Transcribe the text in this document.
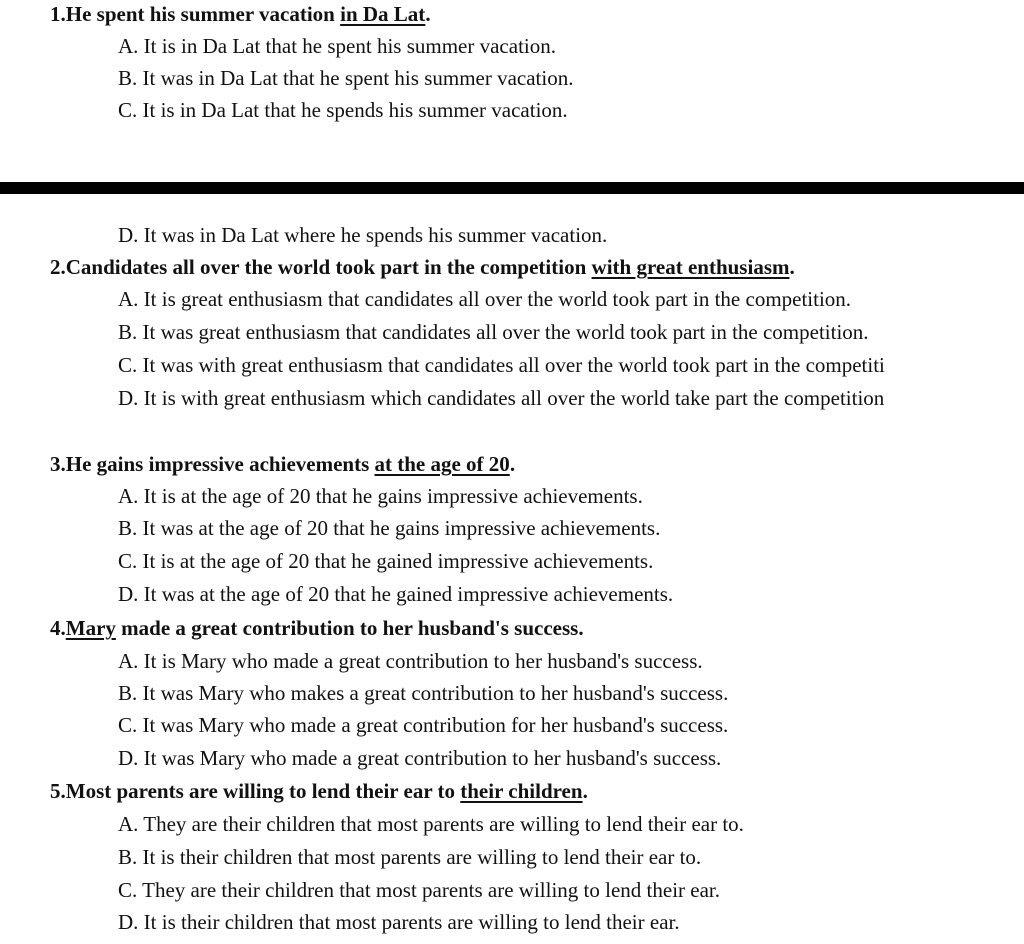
1.He spent his summer vacation in Da Lat.
A. It is in Da Lat that he spent his summer vacation.
B. It was in Da Lat that he spent his summer vacation.
C. It is in Da Lat that he spends his summer vacation.
D. It was in Da Lat where he spends his summer vacation.
2.Candidates all over the world took part in the competition with great enthusiasm.
A. It is great enthusiasm that candidates all over the world took part in the competition.
B. It was great enthusiasm that candidates all over the world took part in the competition.
C. It was with great enthusiasm that candidates all over the world took part in the competiti
D. It is with great enthusiasm which candidates all over the world take part the competition
3.He gains impressive achievements at the age of 20.
A. It is at the age of 20 that he gains impressive achievements.
B. It was at the age of 20 that he gains impressive achievements.
C. It is at the age of 20 that he gained impressive achievements.
D. It was at the age of 20 that he gained impressive achievements.
4.Mary made a great contribution to her husband's success.
A. It is Mary who made a great contribution to her husband's success.
B. It was Mary who makes a great contribution to her husband's success.
C. It was Mary who made a great contribution for her husband's success.
D. It was Mary who made a great contribution to her husband's success.
5.Most parents are willing to lend their ear to their children.
A. They are their children that most parents are willing to lend their ear to.
B. It is their children that most parents are willing to lend their ear to.
C. They are their children that most parents are willing to lend their ear.
D. It is their children that most parents are willing to lend their ear.
